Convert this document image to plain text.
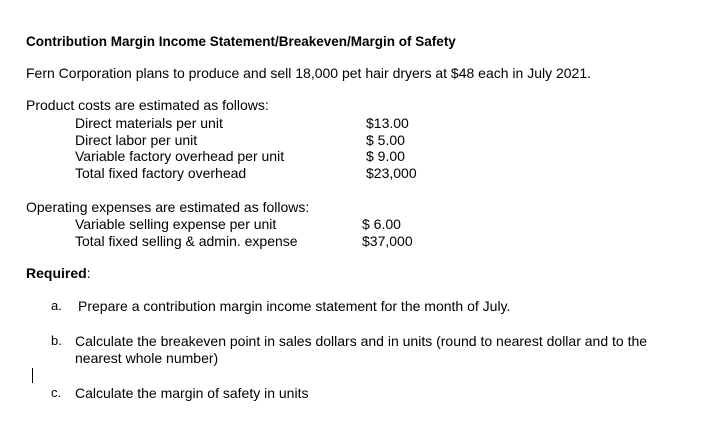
Contribution Margin Income Statement/Breakeven/Margin of Safety
Fern Corporation plans to produce and sell 18,000 pet hair dryers at $48 each in July 2021.
Product costs are estimated as follows:
Direct materials per unit	$13.00
Direct labor per unit	$ 5.00
Variable factory overhead per unit	$ 9.00
Total fixed factory overhead	$23,000
Operating expenses are estimated as follows:
Variable selling expense per unit	$ 6.00
Total fixed selling & admin. expense	$37,000
Required:
a. Prepare a contribution margin income statement for the month of July.
b. Calculate the breakeven point in sales dollars and in units (round to nearest dollar and to the
nearest whole number)
c. Calculate the margin of safety in units
